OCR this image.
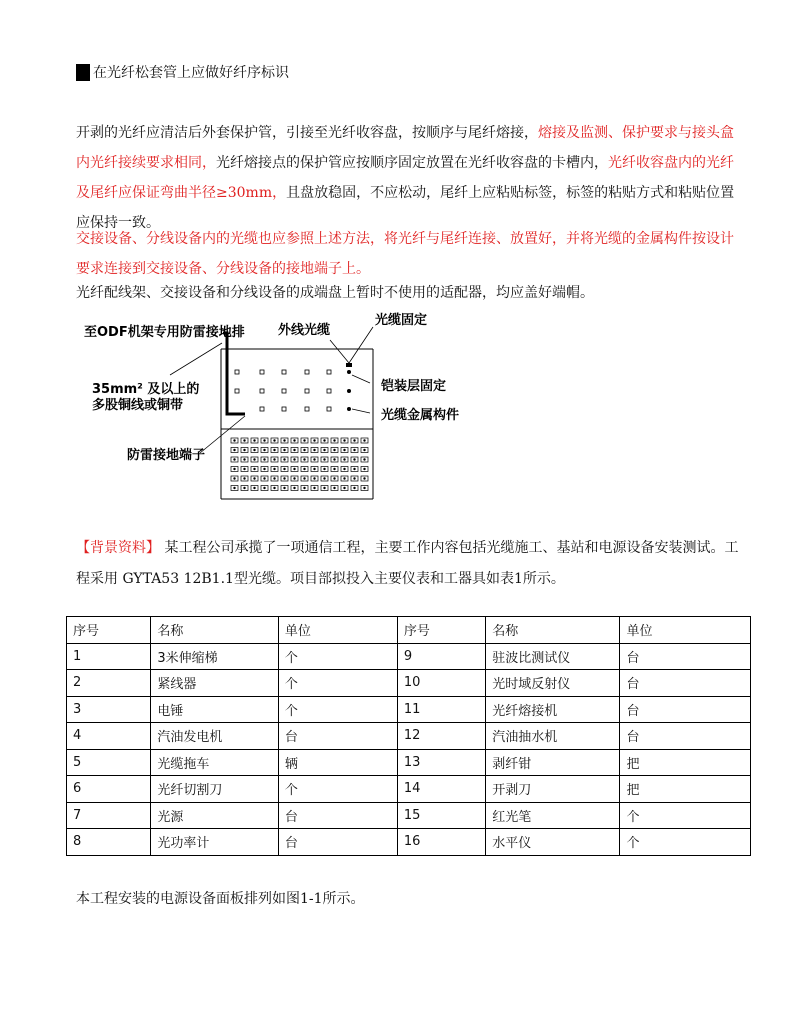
在光纤松套管上应做好纤序标识
开剥的光纤应清洁后外套保护管，引接至光纤收容盘，按顺序与尾纤熔接，熔接及监测、保护要求与接头盒内光纤接续要求相同，光纤熔接点的保护管应按顺序固定放置在光纤收容盘的卡槽内，光纤收容盘内的光纤及尾纤应保证弯曲半径≥30mm，且盘放稳固，不应松动，尾纤上应粘贴标签，标签的粘贴方式和粘贴位置应保持一致。
交接设备、分线设备内的光缆也应参照上述方法，将光纤与尾纤连接、放置好，并将光缆的金属构件按设计要求连接到交接设备、分线设备的接地端子上。
光纤配线架、交接设备和分线设备的成端盘上暂时不使用的适配器，均应盖好端帽。
至ODF机架专用防雷接地排	外线光缆
光缆固定
铠装层固定
35mm² 及以上的
多股铜线或铜带
光缆金属构件
防雷接地端子
【背景资料】 某工程公司承揽了一项通信工程，主要工作内容包括光缆施工、基站和电源设备安装测试。工程采用 GYTA53 12B1.1型光缆。项目部拟投入主要仪表和工器具如表1所示。
序号	名称	单位	序号	名称	单位
1	3米伸缩梯	个	9	驻波比测试仪	台
2	紧线器	个	10	光时域反射仪	台
3	电锤	个	11	光纤熔接机	台
4	汽油发电机	台	12	汽油抽水机	台
5	光缆拖车	辆	13	剥纤钳	把
6	光纤切割刀	个	14	开剥刀	把
7	光源	台	15	红光笔	个
8	光功率计	台	16	水平仪	个
本工程安装的电源设备面板排列如图1-1所示。
